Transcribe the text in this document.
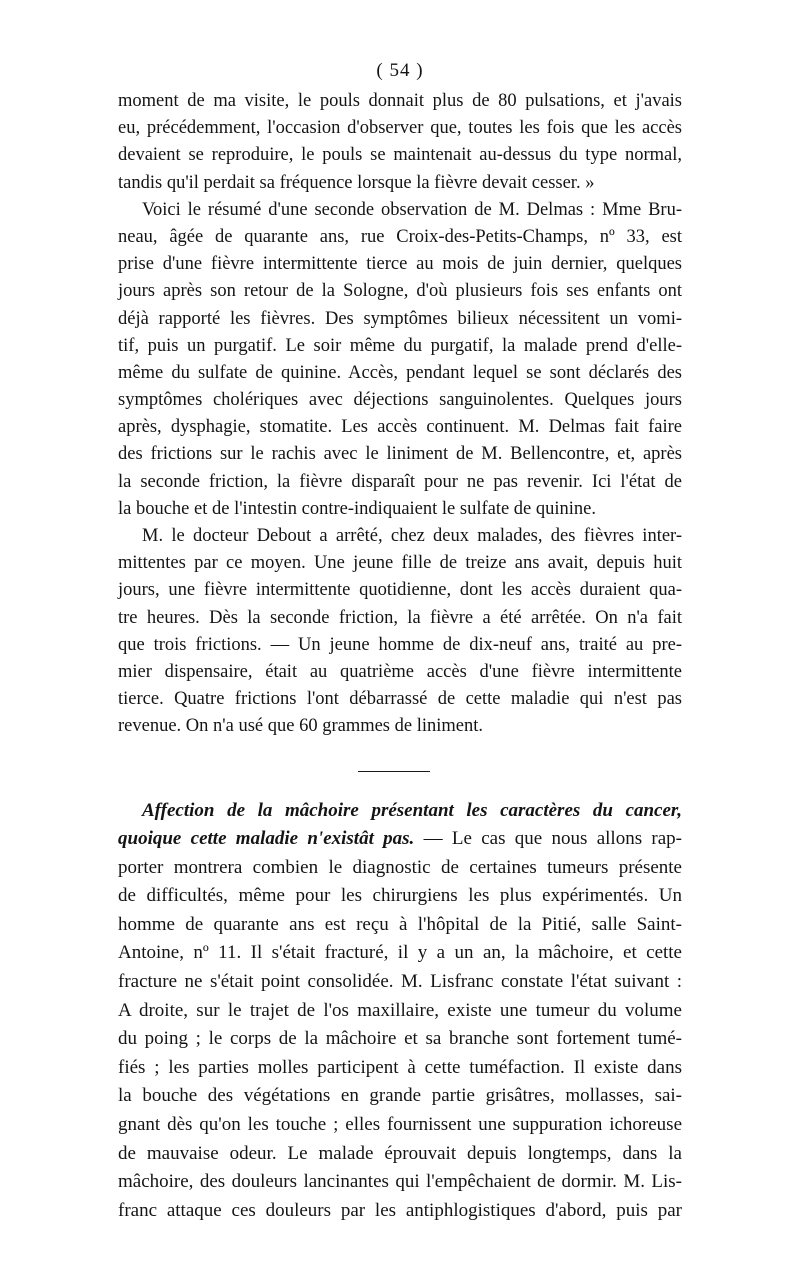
( 54 )
moment de ma visite, le pouls donnait plus de 80 pulsations, et j'avais
eu, précédemment, l'occasion d'observer que, toutes les fois que les accès
devaient se reproduire, le pouls se maintenait au-dessus du type normal,
tandis qu'il perdait sa fréquence lorsque la fièvre devait cesser. »
Voici le résumé d'une seconde observation de M. Delmas : Mme Bru-
neau, âgée de quarante ans, rue Croix-des-Petits-Champs, nº 33, est
prise d'une fièvre intermittente tierce au mois de juin dernier, quelques
jours après son retour de la Sologne, d'où plusieurs fois ses enfants ont
déjà rapporté les fièvres. Des symptômes bilieux nécessitent un vomi-
tif, puis un purgatif. Le soir même du purgatif, la malade prend d'elle-
même du sulfate de quinine. Accès, pendant lequel se sont déclarés des
symptômes cholériques avec déjections sanguinolentes. Quelques jours
après, dysphagie, stomatite. Les accès continuent. M. Delmas fait faire
des frictions sur le rachis avec le liniment de M. Bellencontre, et, après
la seconde friction, la fièvre disparaît pour ne pas revenir. Ici l'état de
la bouche et de l'intestin contre-indiquaient le sulfate de quinine.
M. le docteur Debout a arrêté, chez deux malades, des fièvres inter-
mittentes par ce moyen. Une jeune fille de treize ans avait, depuis huit
jours, une fièvre intermittente quotidienne, dont les accès duraient qua-
tre heures. Dès la seconde friction, la fièvre a été arrêtée. On n'a fait
que trois frictions. — Un jeune homme de dix-neuf ans, traité au pre-
mier dispensaire, était au quatrième accès d'une fièvre intermittente
tierce. Quatre frictions l'ont débarrassé de cette maladie qui n'est pas
revenue. On n'a usé que 60 grammes de liniment.
Affection de la mâchoire présentant les caractères du cancer,
quoique cette maladie n'existât pas. — Le cas que nous allons rap-
porter montrera combien le diagnostic de certaines tumeurs présente
de difficultés, même pour les chirurgiens les plus expérimentés. Un
homme de quarante ans est reçu à l'hôpital de la Pitié, salle Saint-
Antoine, nº 11. Il s'était fracturé, il y a un an, la mâchoire, et cette
fracture ne s'était point consolidée. M. Lisfranc constate l'état suivant :
A droite, sur le trajet de l'os maxillaire, existe une tumeur du volume
du poing ; le corps de la mâchoire et sa branche sont fortement tumé-
fiés ; les parties molles participent à cette tuméfaction. Il existe dans
la bouche des végétations en grande partie grisâtres, mollasses, sai-
gnant dès qu'on les touche ; elles fournissent une suppuration ichoreuse
de mauvaise odeur. Le malade éprouvait depuis longtemps, dans la
mâchoire, des douleurs lancinantes qui l'empêchaient de dormir. M. Lis-
franc attaque ces douleurs par les antiphlogistiques d'abord, puis par
